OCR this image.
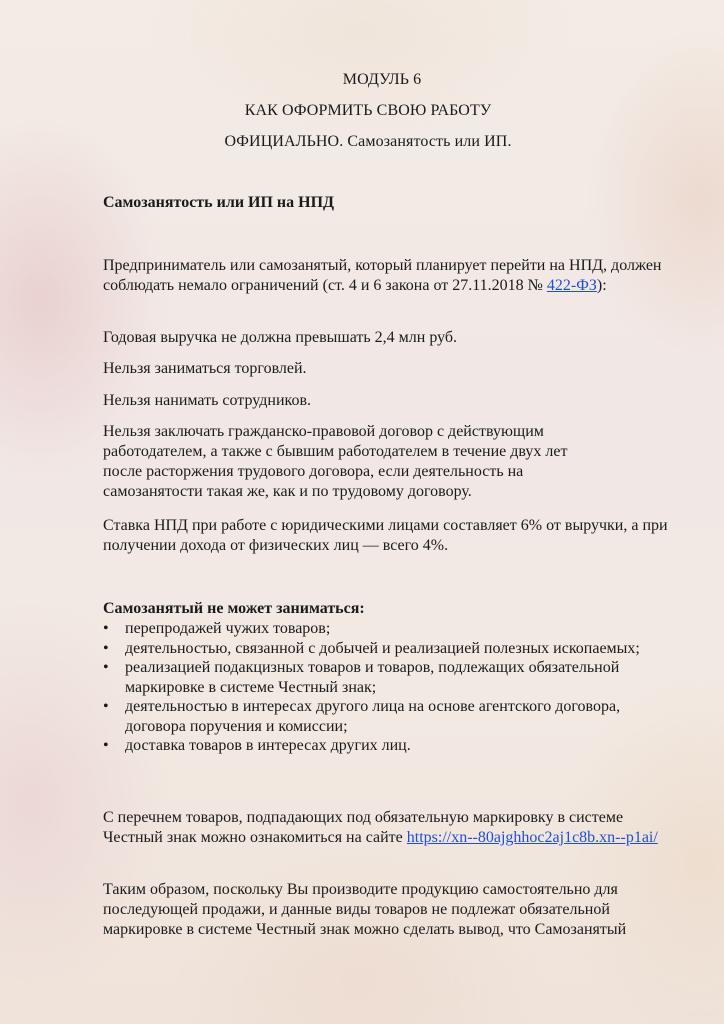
МОДУЛЬ 6
КАК ОФОРМИТЬ СВОЮ РАБОТУ
ОФИЦИАЛЬНО. Самозанятость или ИП.
Самозанятость или ИП на НПД
Предприниматель или самозанятый, который планирует перейти на НПД, должен соблюдать немало ограничений (ст. 4 и 6 закона от 27.11.2018 № 422-ФЗ):
Годовая выручка не должна превышать 2,4 млн руб.
Нельзя заниматься торговлей.
Нельзя нанимать сотрудников.
Нельзя заключать гражданско-правовой договор с действующим работодателем, а также с бывшим работодателем в течение двух лет после расторжения трудового договора, если деятельность на самозанятости такая же, как и по трудовому договору.
Ставка НПД при работе с юридическими лицами составляет 6% от выручки, а при получении дохода от физических лиц — всего 4%.
Самозанятый не может заниматься:
• перепродажей чужих товаров;
• деятельностью, связанной с добычей и реализацией полезных ископаемых;
• реализацией подакцизных товаров и товаров, подлежащих обязательной маркировке в системе Честный знак;
• деятельностью в интересах другого лица на основе агентского договора, договора поручения и комиссии;
• доставка товаров в интересах других лиц.
С перечнем товаров, подпадающих под обязательную маркировку в системе Честный знак можно ознакомиться на сайте https://xn--80ajghhoc2aj1c8b.xn--p1ai/
Таким образом, поскольку Вы производите продукцию самостоятельно для последующей продажи, и данные виды товаров не подлежат обязательной маркировке в системе Честный знак можно сделать вывод, что Самозанятый
